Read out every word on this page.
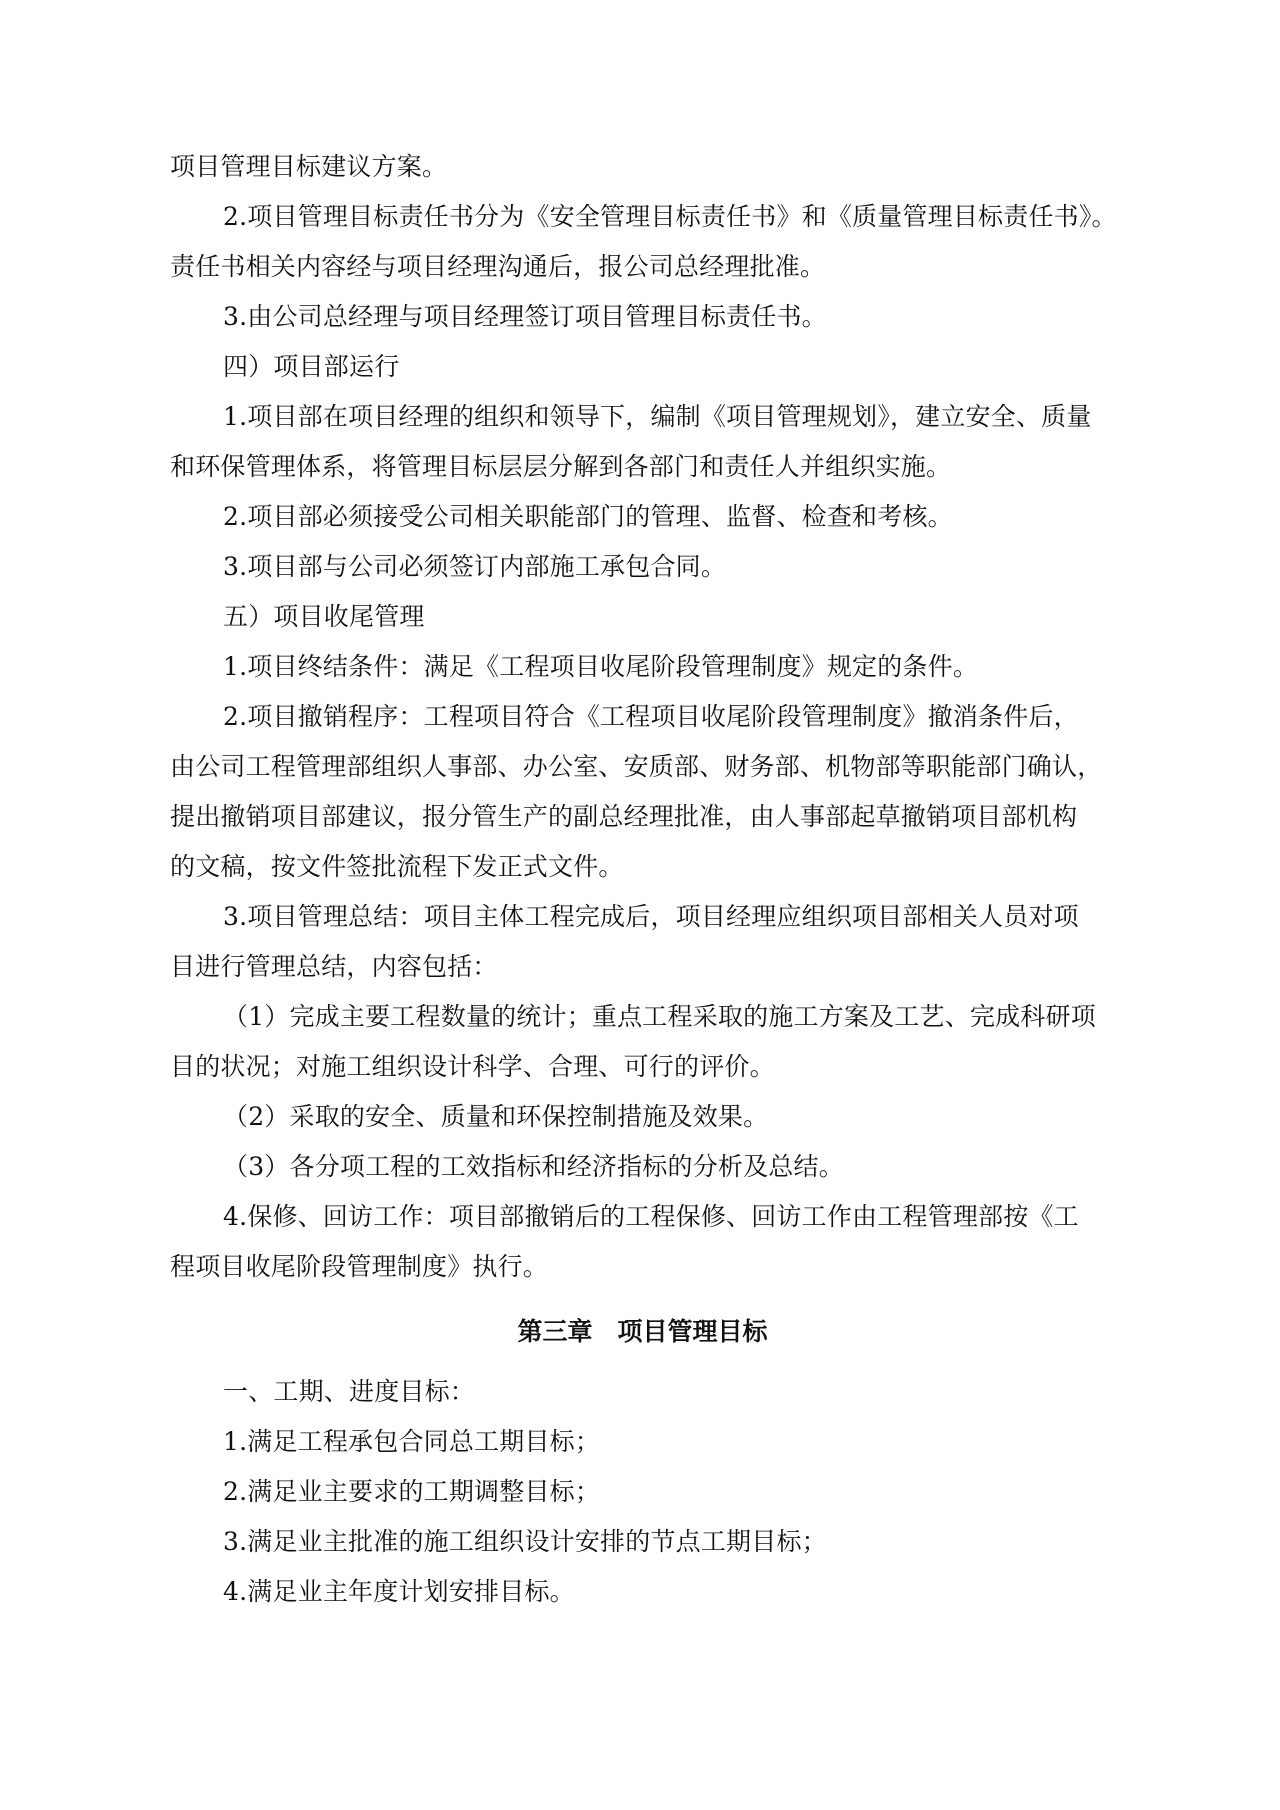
项目管理目标建议方案。
2.项目管理目标责任书分为《安全管理目标责任书》和《质量管理目标责任书》。
责任书相关内容经与项目经理沟通后，报公司总经理批准。
3.由公司总经理与项目经理签订项目管理目标责任书。
四）项目部运行
1.项目部在项目经理的组织和领导下，编制《项目管理规划》，建立安全、质量
和环保管理体系，将管理目标层层分解到各部门和责任人并组织实施。
2.项目部必须接受公司相关职能部门的管理、监督、检查和考核。
3.项目部与公司必须签订内部施工承包合同。
五）项目收尾管理
1.项目终结条件：满足《工程项目收尾阶段管理制度》规定的条件。
2.项目撤销程序：工程项目符合《工程项目收尾阶段管理制度》撤消条件后，
由公司工程管理部组织人事部、办公室、安质部、财务部、机物部等职能部门确认，
提出撤销项目部建议，报分管生产的副总经理批准，由人事部起草撤销项目部机构
的文稿，按文件签批流程下发正式文件。
3.项目管理总结：项目主体工程完成后，项目经理应组织项目部相关人员对项
目进行管理总结，内容包括：
（1）完成主要工程数量的统计；重点工程采取的施工方案及工艺、完成科研项
目的状况；对施工组织设计科学、合理、可行的评价。
（2）采取的安全、质量和环保控制措施及效果。
（3）各分项工程的工效指标和经济指标的分析及总结。
4.保修、回访工作：项目部撤销后的工程保修、回访工作由工程管理部按《工
程项目收尾阶段管理制度》执行。
第三章　项目管理目标
一、工期、进度目标：
1.满足工程承包合同总工期目标；
2.满足业主要求的工期调整目标；
3.满足业主批准的施工组织设计安排的节点工期目标；
4.满足业主年度计划安排目标。
